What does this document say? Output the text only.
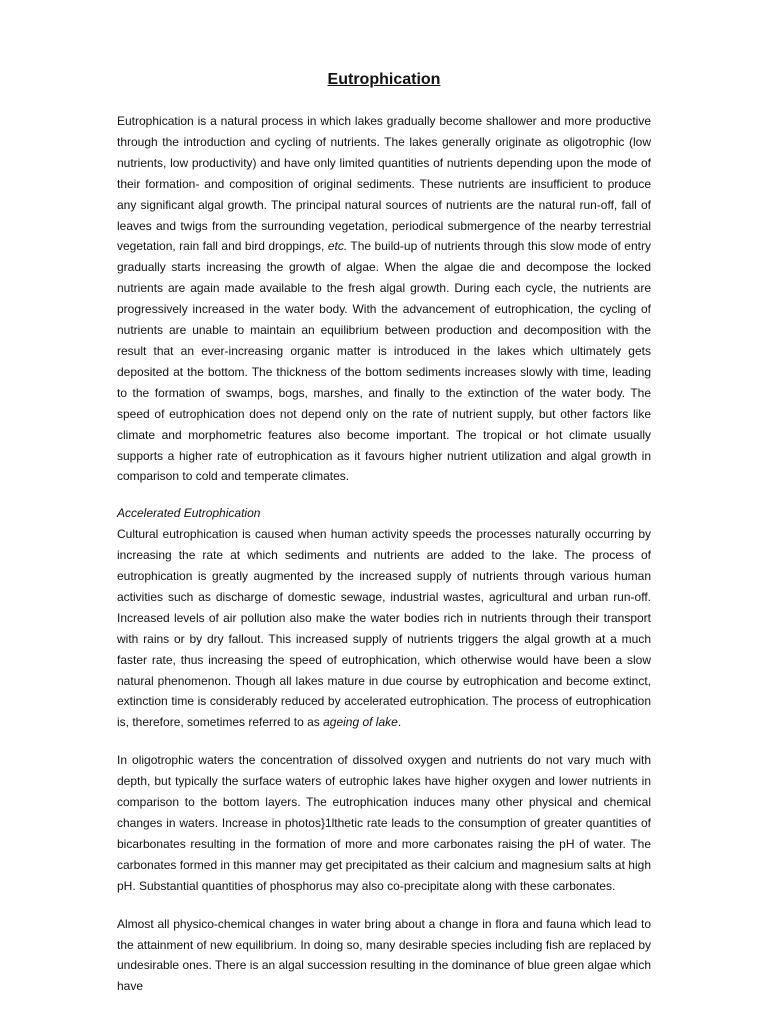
Eutrophication

Eutrophication is a natural process in which lakes gradually become shallower and more productive through the introduction and cycling of nutrients. The lakes generally originate as oligotrophic (low nutrients, low productivity) and have only limited quantities of nutrients depending upon the mode of their formation- and composition of original sediments. These nutrients are insufficient to produce any significant algal growth. The principal natural sources of nutrients are the natural run-off, fall of leaves and twigs from the surrounding vegetation, periodical submergence of the nearby terrestrial vegetation, rain fall and bird droppings, etc. The build-up of nutrients through this slow mode of entry gradually starts increasing the growth of algae. When the algae die and decompose the locked nutrients are again made available to the fresh algal growth. During each cycle, the nutrients are progressively increased in the water body. With the advancement of eutrophication, the cycling of nutrients are unable to maintain an equilibrium between production and decomposition with the result that an ever-increasing organic matter is introduced in the lakes which ultimately gets deposited at the bottom. The thickness of the bottom sediments increases slowly with time, leading to the formation of swamps, bogs, marshes, and finally to the extinction of the water body. The speed of eutrophication does not depend only on the rate of nutrient supply, but other factors like climate and morphometric features also become important. The tropical or hot climate usually supports a higher rate of eutrophication as it favours higher nutrient utilization and algal growth in comparison to cold and temperate climates.

Accelerated Eutrophication

Cultural eutrophication is caused when human activity speeds the processes naturally occurring by increasing the rate at which sediments and nutrients are added to the lake. The process of eutrophication is greatly augmented by the increased supply of nutrients through various human activities such as discharge of domestic sewage, industrial wastes, agricultural and urban run-off. Increased levels of air pollution also make the water bodies rich in nutrients through their transport with rains or by dry fallout. This increased supply of nutrients triggers the algal growth at a much faster rate, thus increasing the speed of eutrophication, which otherwise would have been a slow natural phenomenon. Though all lakes mature in due course by eutrophication and become extinct, extinction time is considerably reduced by accelerated eutrophication. The process of eutrophication is, therefore, sometimes referred to as ageing of lake.

In oligotrophic waters the concentration of dissolved oxygen and nutrients do not vary much with depth, but typically the surface waters of eutrophic lakes have higher oxygen and lower nutrients in comparison to the bottom layers. The eutrophication induces many other physical and chemical changes in waters. Increase in photos}1lthetic rate leads to the consumption of greater quantities of bicarbonates resulting in the formation of more and more carbonates raising the pH of water. The carbonates formed in this manner may get precipitated as their calcium and magnesium salts at high pH. Substantial quantities of phosphorus may also co-precipitate along with these carbonates.

Almost all physico-chemical changes in water bring about a change in flora and fauna which lead to the attainment of new equilibrium. In doing so, many desirable species including fish are replaced by undesirable ones. There is an algal succession resulting in the dominance of blue green algae which have
